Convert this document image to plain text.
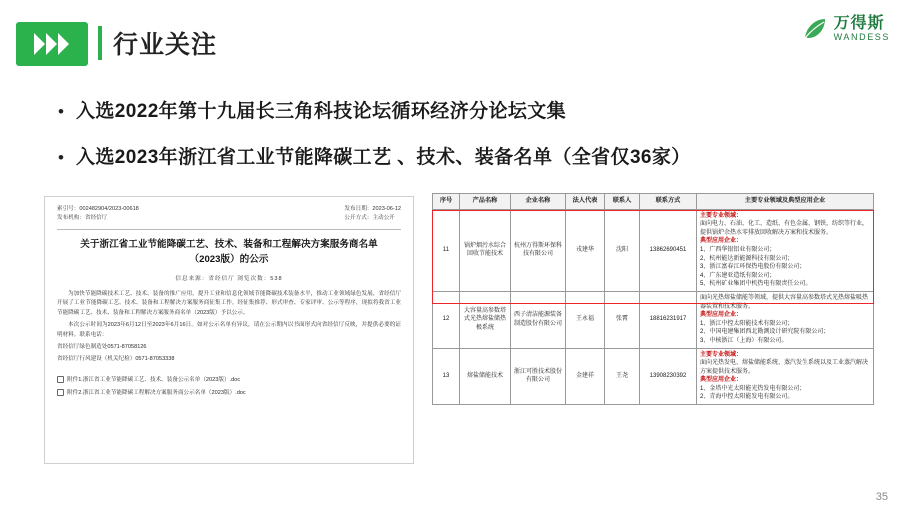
行业关注
万得斯
WANDESS
• 入选2022年第十九届长三角科技论坛循环经济分论坛文集
• 入选2023年浙江省工业节能降碳工艺 、技术、装备名单（全省仅36家）
索引号：002482904/2023-00618
发布机构：省经信厅
发布日期：2023-06-12
公开方式：主动公开
关于浙江省工业节能降碳工艺、技术、装备和工程解决方案服务商名单（2023版）的公示
信息来源：省经信厅 浏览次数：538

为加快节能降碳技术工艺、技术、装备的推广应用，提升工业和信息化领域节能降碳技术装备水平，推动工业领域绿色发展，省经信厅开展了工业节能降碳工艺、技术、装备和工程解决方案服务商征集工作。经征集推荐、形式审查、专家评审、公示等程序，现拟将我省工业节能降碳工艺、技术、装备和工程解决方案服务商名单（2023版）予以公示。

本次公示时间为2023年6月12日至2023年6月16日。如对公示名单有异议，请在公示期内以书面形式向省经信厅反映，并提供必要的证明材料。联系电话：

省经信厅绿色制造处0571-87058126

省经信厅行风建设（机关纪检）0571-87053338

附件1.浙江省工业节能降碳工艺、技术、装备公示名单（2023版）.doc
附件2.浙江省工业节能降碳工程解决方案服务商公示名单（2023版）.doc
序号	产品名称	企业名称	法人代表	联系人	联系方式	主要专业领域及典型应用企业
11	锅炉烟污水综合回收节能技术	杭州万得斯环保科技有限公司	戎建华	沈阳	13862690451	

主要专业领域：

面向电力、石油、化工、造纸、有色金属、钢铁、纺织等行业，提供锅炉余热水零排放回收解决方案和技术服务。

典型应用企业：

1、广西华银铝业有限公司；
2、杭州能达新能源科技有限公司；
3、浙江富春江环保热电股份有限公司；
4、广东建亚造纸有限公司；
5、杭州矿业集团中机热电有限责任公司。

12	大容量高参数塔式光热熔盐储热极系统	西子清洁能源装备制造股份有限公司	王永福	张霄	18816231917	

面向光热熔盐储能等领域，提供大容量高参数塔式光热熔盐吸热器装置和技术服务。

典型应用企业：

1、浙江中控太阳能技术有限公司；
2、中国电建集团西北勘测设计研究院有限公司；
3、中核浙江（上海）有限公司。

13	熔盐储能技术	浙江可胜技术股份有限公司	金建祥	王尧	13908230392	

主要专业领域：

面向光热发电、熔盐储能系统、蒸汽发生系统以及工业蒸汽解决方案提供技术服务。

典型应用企业：

1、金塔中光太阳能光热发电有限公司；
2、青海中控太阳能发电有限公司。
35
